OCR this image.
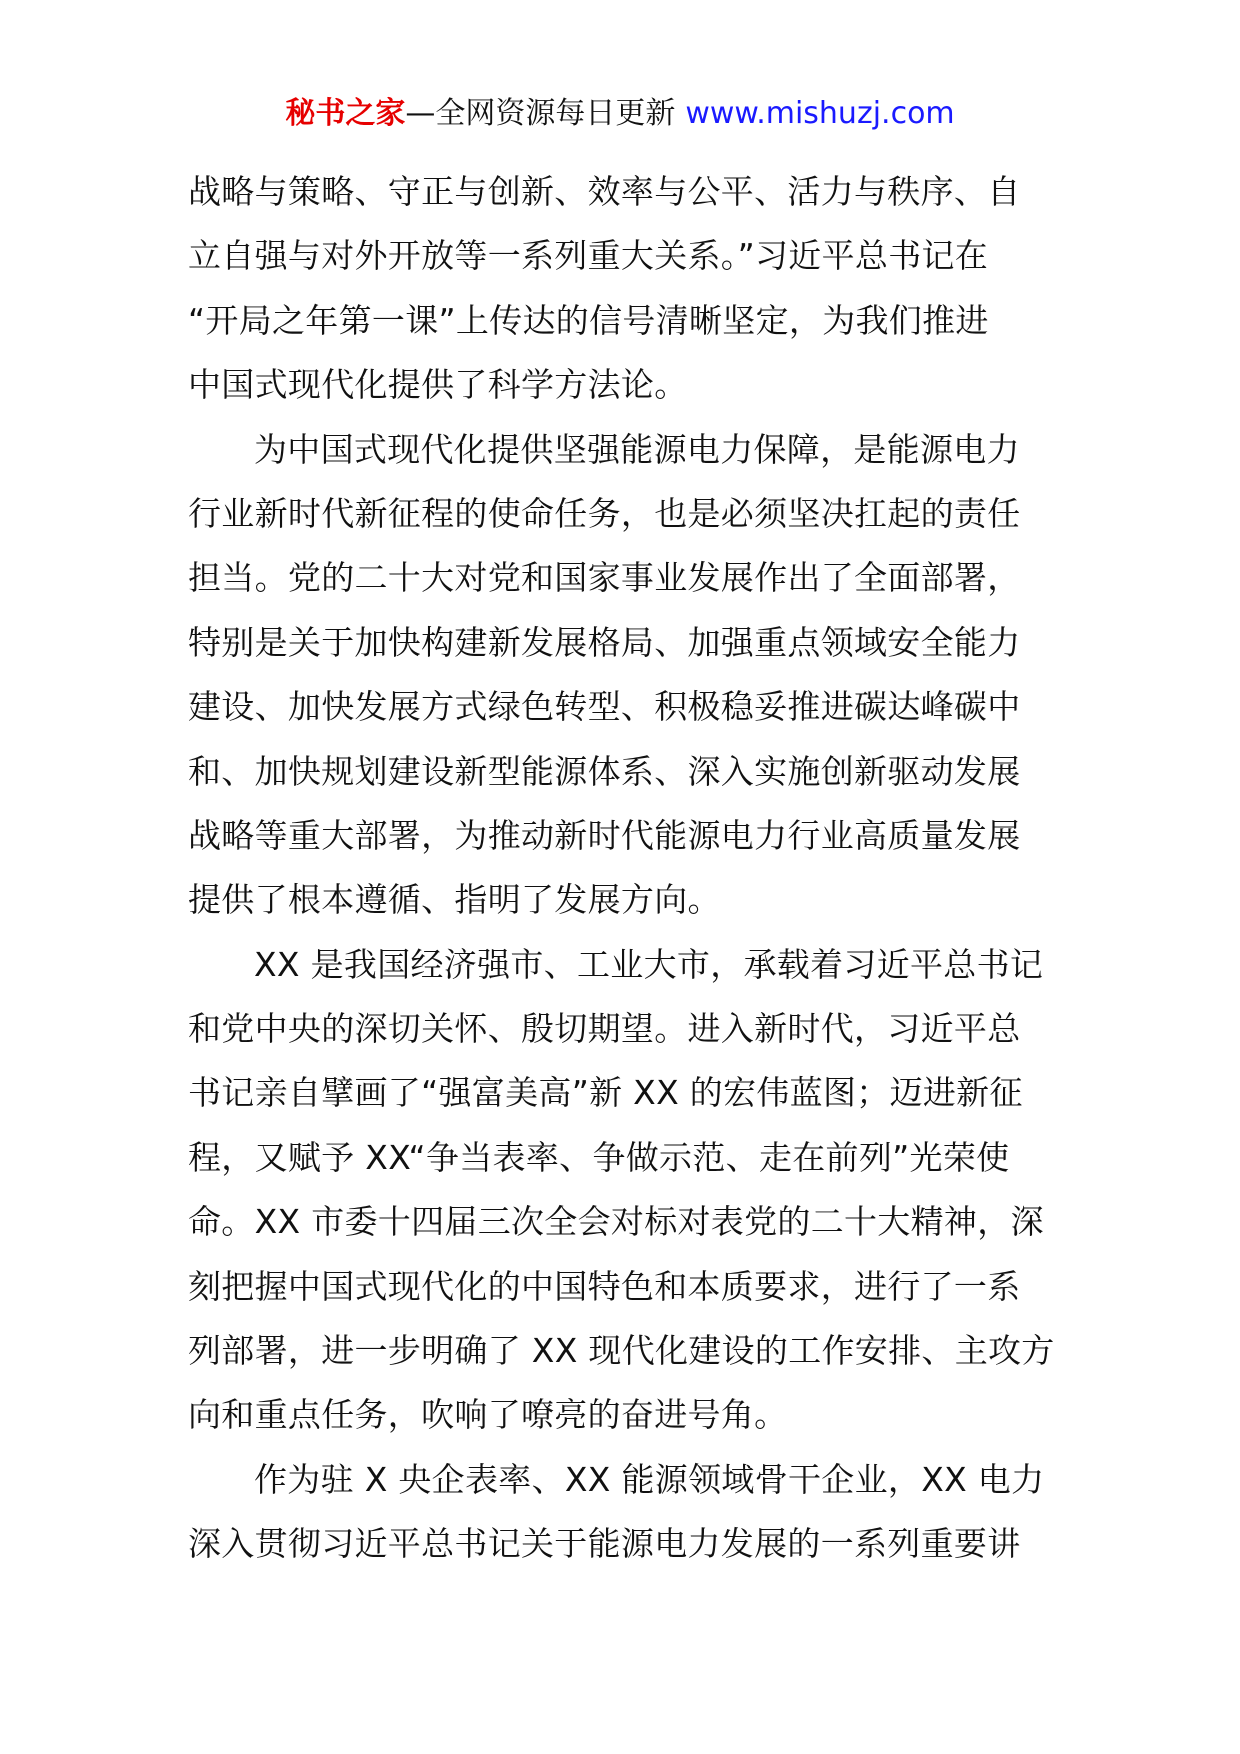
秘书之家—全网资源每日更新 www.mishuzj.com
战略与策略、守正与创新、效率与公平、活力与秩序、自
立自强与对外开放等一系列重大关系。”习近平总书记在
“开局之年第一课”上传达的信号清晰坚定，为我们推进
中国式现代化提供了科学方法论。
为中国式现代化提供坚强能源电力保障，是能源电力
行业新时代新征程的使命任务，也是必须坚决扛起的责任
担当。党的二十大对党和国家事业发展作出了全面部署，
特别是关于加快构建新发展格局、加强重点领域安全能力
建设、加快发展方式绿色转型、积极稳妥推进碳达峰碳中
和、加快规划建设新型能源体系、深入实施创新驱动发展
战略等重大部署，为推动新时代能源电力行业高质量发展
提供了根本遵循、指明了发展方向。
XX 是我国经济强市、工业大市，承载着习近平总书记
和党中央的深切关怀、殷切期望。进入新时代，习近平总
书记亲自擘画了“强富美高”新 XX 的宏伟蓝图；迈进新征
程，又赋予 XX“争当表率、争做示范、走在前列”光荣使
命。XX 市委十四届三次全会对标对表党的二十大精神，深
刻把握中国式现代化的中国特色和本质要求，进行了一系
列部署，进一步明确了 XX 现代化建设的工作安排、主攻方
向和重点任务，吹响了嘹亮的奋进号角。
作为驻 X 央企表率、XX 能源领域骨干企业，XX 电力
深入贯彻习近平总书记关于能源电力发展的一系列重要讲
